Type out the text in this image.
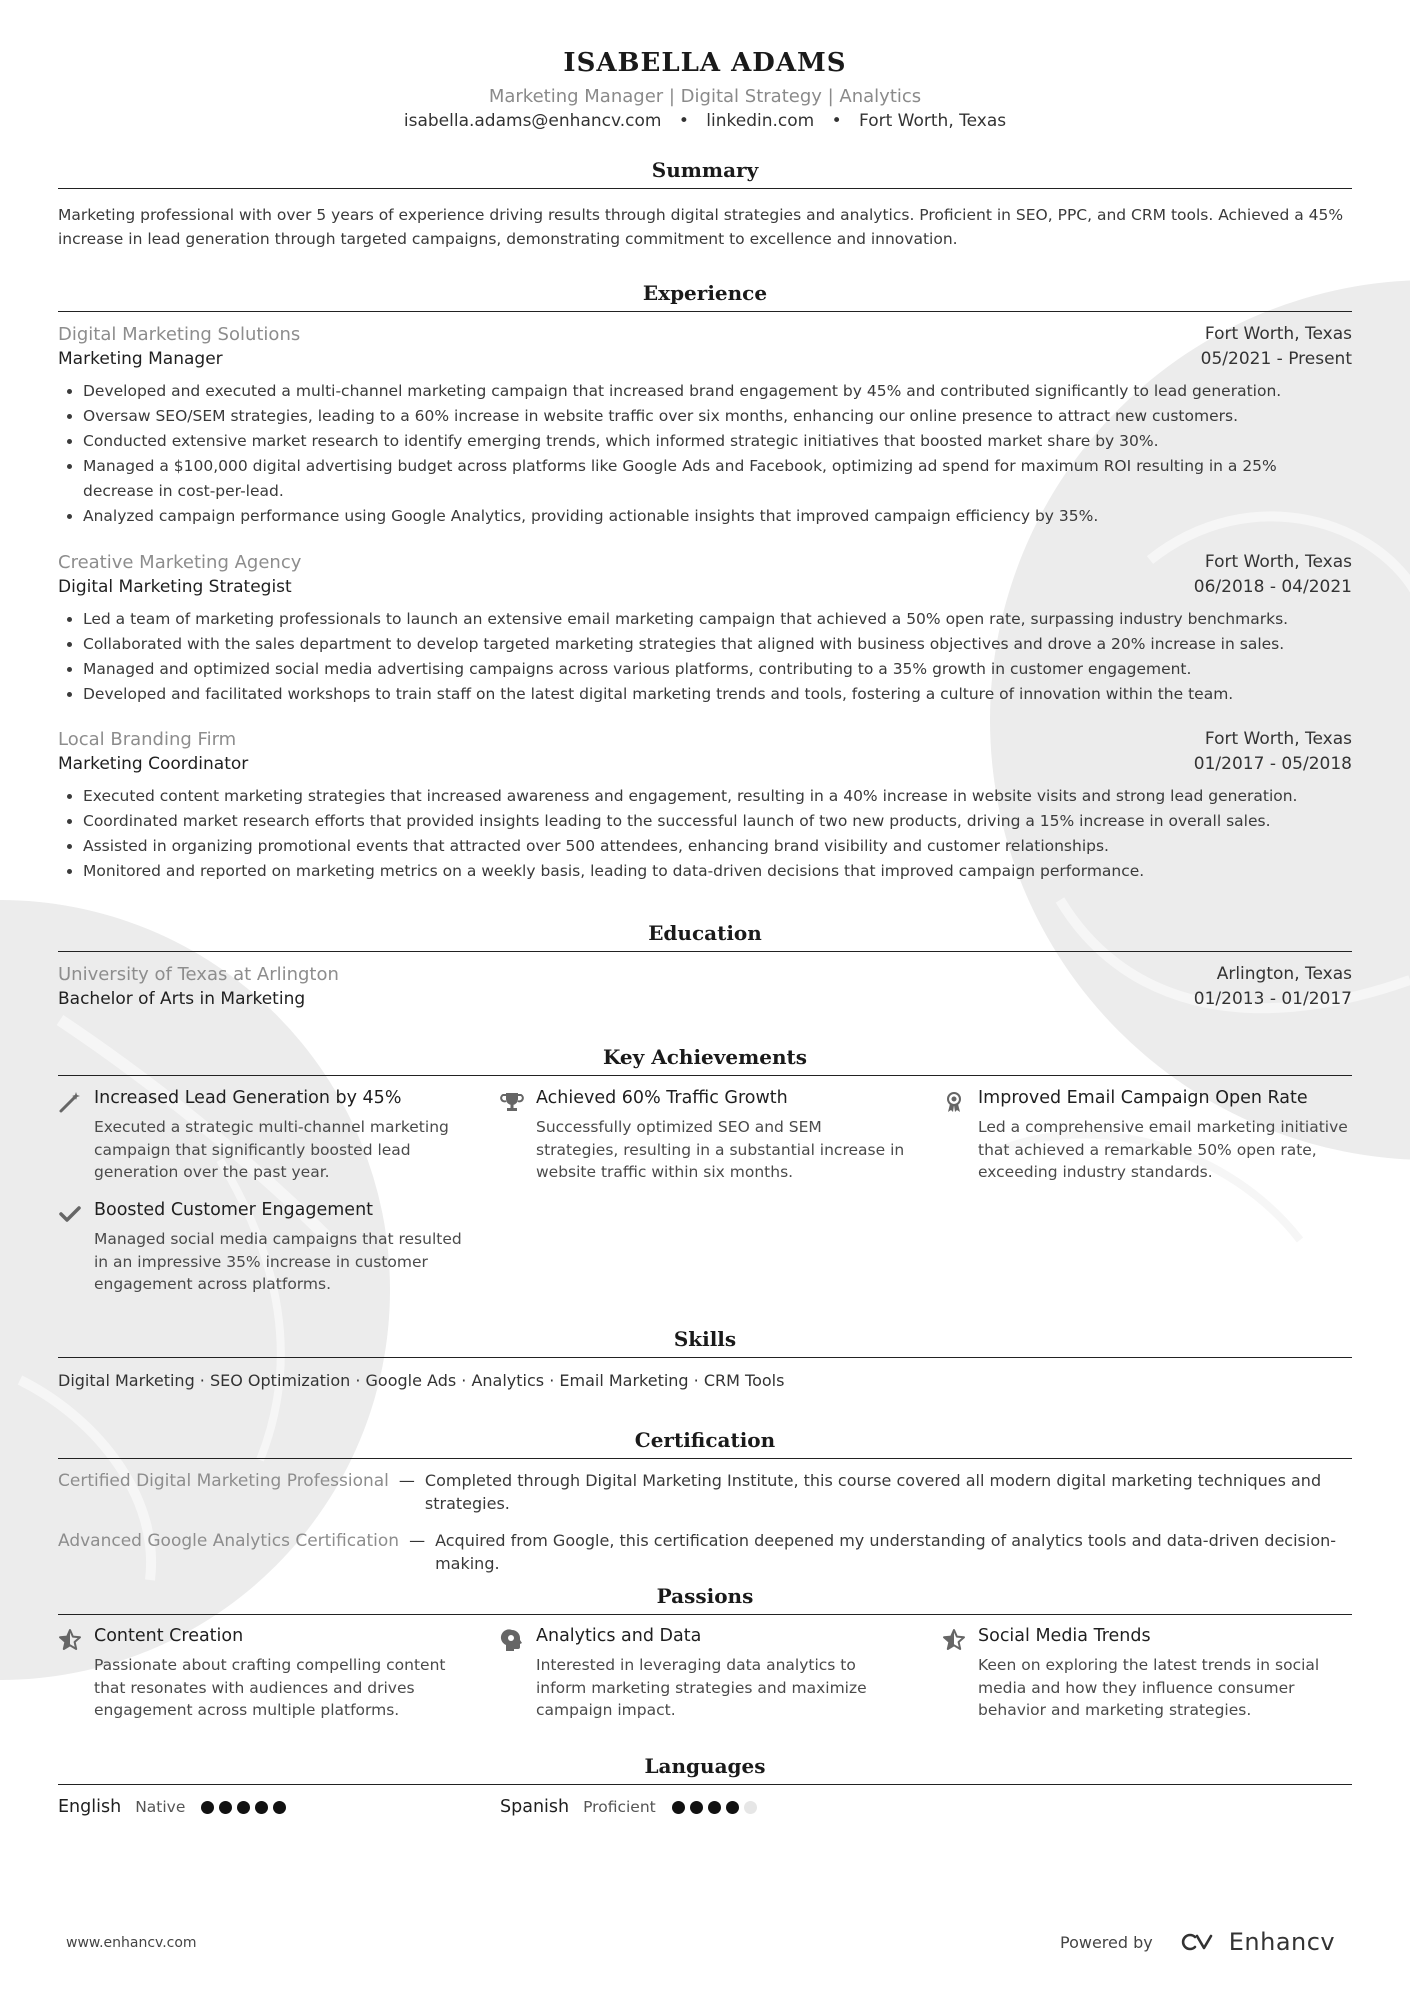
ISABELLA ADAMS
Marketing Manager | Digital Strategy | Analytics
isabella.adams@enhancv.com • linkedin.com • Fort Worth, Texas
Summary
Marketing professional with over 5 years of experience driving results through digital strategies and analytics. Proficient in SEO, PPC, and CRM tools. Achieved a 45% increase in lead generation through targeted campaigns, demonstrating commitment to excellence and innovation.
Experience
Digital Marketing Solutions	Fort Worth, Texas
Marketing Manager	05/2021 - Present
• Developed and executed a multi-channel marketing campaign that increased brand engagement by 45% and contributed significantly to lead generation.
• Oversaw SEO/SEM strategies, leading to a 60% increase in website traffic over six months, enhancing our online presence to attract new customers.
• Conducted extensive market research to identify emerging trends, which informed strategic initiatives that boosted market share by 30%.
• Managed a $100,000 digital advertising budget across platforms like Google Ads and Facebook, optimizing ad spend for maximum ROI resulting in a 25% decrease in cost-per-lead.
• Analyzed campaign performance using Google Analytics, providing actionable insights that improved campaign efficiency by 35%.
Creative Marketing Agency	Fort Worth, Texas
Digital Marketing Strategist	06/2018 - 04/2021
• Led a team of marketing professionals to launch an extensive email marketing campaign that achieved a 50% open rate, surpassing industry benchmarks.
• Collaborated with the sales department to develop targeted marketing strategies that aligned with business objectives and drove a 20% increase in sales.
• Managed and optimized social media advertising campaigns across various platforms, contributing to a 35% growth in customer engagement.
• Developed and facilitated workshops to train staff on the latest digital marketing trends and tools, fostering a culture of innovation within the team.
Local Branding Firm	Fort Worth, Texas
Marketing Coordinator	01/2017 - 05/2018
• Executed content marketing strategies that increased awareness and engagement, resulting in a 40% increase in website visits and strong lead generation.
• Coordinated market research efforts that provided insights leading to the successful launch of two new products, driving a 15% increase in overall sales.
• Assisted in organizing promotional events that attracted over 500 attendees, enhancing brand visibility and customer relationships.
• Monitored and reported on marketing metrics on a weekly basis, leading to data-driven decisions that improved campaign performance.
Education
University of Texas at Arlington	Arlington, Texas
Bachelor of Arts in Marketing	01/2013 - 01/2017
Key Achievements
Increased Lead Generation by 45%
Executed a strategic multi-channel marketing campaign that significantly boosted lead generation over the past year.
Achieved 60% Traffic Growth
Successfully optimized SEO and SEM strategies, resulting in a substantial increase in website traffic within six months.
Improved Email Campaign Open Rate
Led a comprehensive email marketing initiative that achieved a remarkable 50% open rate, exceeding industry standards.
Boosted Customer Engagement
Managed social media campaigns that resulted in an impressive 35% increase in customer engagement across platforms.
Skills
Digital Marketing · SEO Optimization · Google Ads · Analytics · Email Marketing · CRM Tools
Certification
Certified Digital Marketing Professional — Completed through Digital Marketing Institute, this course covered all modern digital marketing techniques and strategies.
Advanced Google Analytics Certification — Acquired from Google, this certification deepened my understanding of analytics tools and data-driven decision-making.
Passions
Content Creation
Passionate about crafting compelling content that resonates with audiences and drives engagement across multiple platforms.
Analytics and Data
Interested in leveraging data analytics to inform marketing strategies and maximize campaign impact.
Social Media Trends
Keen on exploring the latest trends in social media and how they influence consumer behavior and marketing strategies.
Languages
English Native	Spanish Proficient
www.enhancv.com	Powered by	Enhancv
